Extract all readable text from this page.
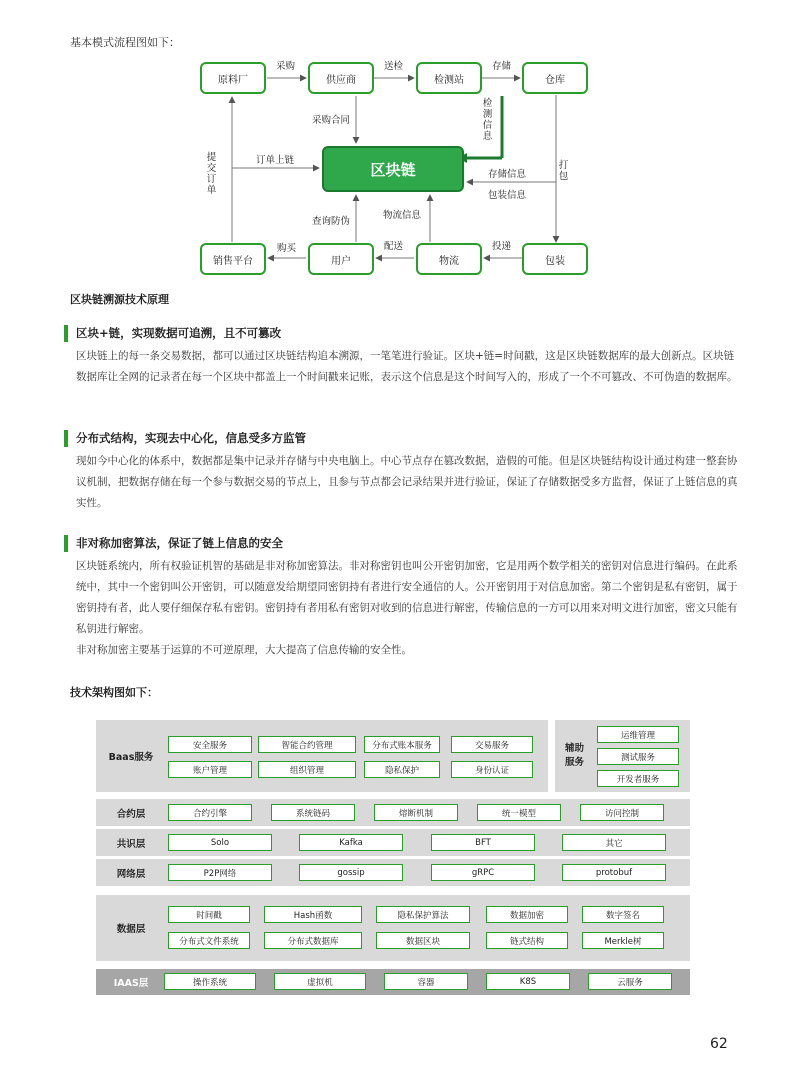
基本模式流程图如下：
原料厂	供应商	检测站	仓库
区块链
销售平台	用户	物流	包装
采购	送检	存储
采购合同
检测信息
订单上链
提交订单
存储信息
打包
包装信息
查询防伪
物流信息
购买	配送	投递
区块链溯源技术原理
区块+链，实现数据可追溯，且不可篡改

区块链上的每一条交易数据，都可以通过区块链结构追本溯源，一笔笔进行验证。区块+链=时间戳，这是区块链数据库的最大创新点。区块链数据库让全网的记录者在每一个区块中都盖上一个时间戳来记账，表示这个信息是这个时间写入的，形成了一个不可篡改、不可伪造的数据库。

分布式结构，实现去中心化，信息受多方监管

现如今中心化的体系中，数据都是集中记录并存储与中央电脑上。中心节点存在篡改数据，造假的可能。但是区块链结构设计通过构建一整套协议机制，把数据存储在每一个参与数据交易的节点上，且参与节点都会记录结果并进行验证，保证了存储数据受多方监督，保证了上链信息的真实性。

非对称加密算法，保证了链上信息的安全

区块链系统内，所有权验证机智的基础是非对称加密算法。非对称密钥也叫公开密钥加密，它是用两个数学相关的密钥对信息进行编码。在此系统中，其中一个密钥叫公开密钥，可以随意发给期望同密钥持有者进行安全通信的人。公开密钥用于对信息加密。第二个密钥是私有密钥，属于密钥持有者，此人要仔细保存私有密钥。密钥持有者用私有密钥对收到的信息进行解密，传输信息的一方可以用来对明文进行加密，密文只能有私钥进行解密。

非对称加密主要基于运算的不可逆原理，大大提高了信息传输的安全性。

技术架构图如下：
Baas服务
安全服务	智能合约管理	分布式账本服务	交易服务
账户管理	组织管理	隐私保护	身份认证
辅助服务
运维管理
测试服务
开发者服务
合约层	合约引擎	系统链码	熔断机制	统一模型	访问控制
共识层	Solo	Kafka	BFT	其它
网络层	P2P网络	gossip	gRPC	protobuf
数据层
时间戳	Hash函数	隐私保护算法	数据加密	数字签名
分布式文件系统	分布式数据库	数据区块	链式结构	Merkle树
IAAS层	操作系统	虚拟机	容器	K8S	云服务
62
